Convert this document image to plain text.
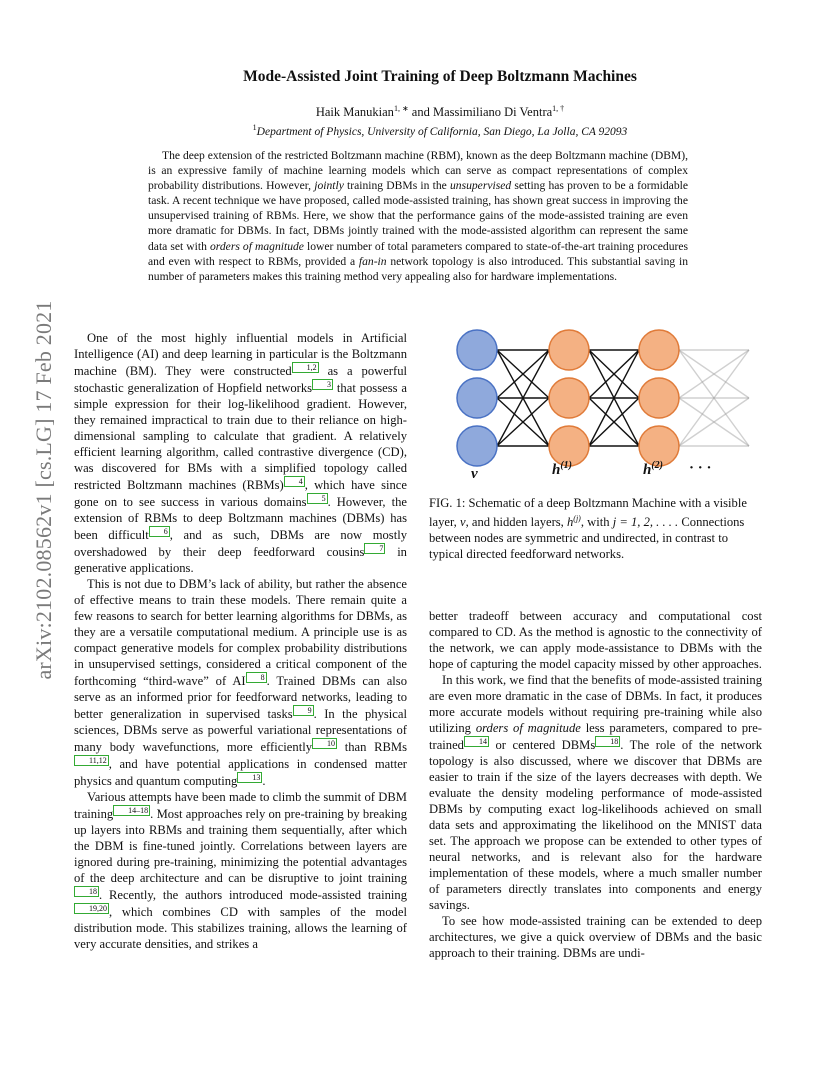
arXiv:2102.08562v1 [cs.LG] 17 Feb 2021
Mode-Assisted Joint Training of Deep Boltzmann Machines
Haik Manukian$^{1, ∗}$ and Massimiliano Di Ventra$^{1, \dagger}$
$^1$Department of Physics, University of California, San Diego, La Jolla, CA 92093
The deep extension of the restricted Boltzmann machine (RBM), known as the deep Boltzmann machine (DBM), is an expressive family of machine learning models which can serve as compact representations of complex probability distributions. However, jointly training DBMs in the unsupervised setting has proven to be a formidable task. A recent technique we have proposed, called mode-assisted training, has shown great success in improving the unsupervised training of RBMs. Here, we show that the performance gains of the mode-assisted training are even more dramatic for DBMs. In fact, DBMs jointly trained with the mode-assisted algorithm can represent the same data set with orders of magnitude lower number of total parameters compared to state-of-the-art training procedures and even with respect to RBMs, provided a fan-in network topology is also introduced. This substantial saving in number of parameters makes this training method very appealing also for hardware implementations.

One of the most highly influential models in Artificial Intelligence (AI) and deep learning in particular is the Boltzmann machine (BM). They were constructed 1,2 as a powerful stochastic generalization of Hopfield networks 3 that possess a simple expression for their log-likelihood gradient. However, they remained impractical to train due to their reliance on high-dimensional sampling to calculate that gradient. A relatively efficient learning algorithm, called contrastive divergence (CD), was discovered for BMs with a simplified topology called restricted Boltzmann machines (RBMs) 4 , which have since gone on to see success in various domains 5 . However, the extension of RBMs to deep Boltzmann machines (DBMs) has been difficult 6 , and as such, DBMs are now mostly overshadowed by their deep feedforward cousins 7 in generative applications.

This is not due to DBM’s lack of ability, but rather the absence of effective means to train these models. There remain quite a few reasons to search for better learning algorithms for DBMs, as they are a versatile computational medium. A principle use is as compact generative models for complex probability distributions in unsupervised settings, considered a critical component of the forthcoming “third-wave” of AI 8 . Trained DBMs can also serve as an informed prior for feedforward networks, leading to better generalization in supervised tasks 9 . In the physical sciences, DBMs serve as powerful variational representations of many body wavefunctions, more efficiently 10 than RBMs11,12 , and have potential applications in condensed matter physics and quantum computing 13 .

Various attempts have been made to climb the summit of DBM training 14–18 . Most approaches rely on pre-training by breaking up layers into RBMs and training them sequentially, after which the DBM is fine-tuned jointly. Correlations between layers are ignored during pre-training, minimizing the potential advantages of the deep architecture and can be disruptive to joint training18 . Recently, the authors introduced mode-assisted training19,20 , which combines CD with samples of the model distribution mode. This stabilizes training, allows the learning of very accurate densities, and strikes a

v	$h^{(1)}$	$h^{(2)}$ · · ·
FIG. 1: Schematic of a deep Boltzmann Machine with a visible layer, v, and hidden layers, $h^{(j)}$, with j = 1, 2, . . . . Connections between nodes are symmetric and undirected, in contrast to typical directed feedforward networks.

better tradeoff between accuracy and computational cost compared to CD. As the method is agnostic to the connectivity of the network, we can apply mode-assistance to DBMs with the hope of capturing the model capacity missed by other approaches.

In this work, we find that the benefits of mode-assisted training are even more dramatic in the case of DBMs. In fact, it produces more accurate models without requiring pre-training while also utilizing orders of magnitude less parameters, compared to pre-trained 14 or centered DBMs 18 . The role of the network topology is also discussed, where we discover that DBMs are easier to train if the size of the layers decreases with depth. We evaluate the density modeling performance of mode-assisted DBMs by computing exact log-likelihoods achieved on small data sets and approximating the likelihood on the MNIST data set. The approach we propose can be extended to other types of neural networks, and is relevant also for the hardware implementation of these models, where a much smaller number of parameters directly translates into components and energy savings.

To see how mode-assisted training can be extended to deep architectures, we give a quick overview of DBMs and the basic approach to their training. DBMs are undi-
